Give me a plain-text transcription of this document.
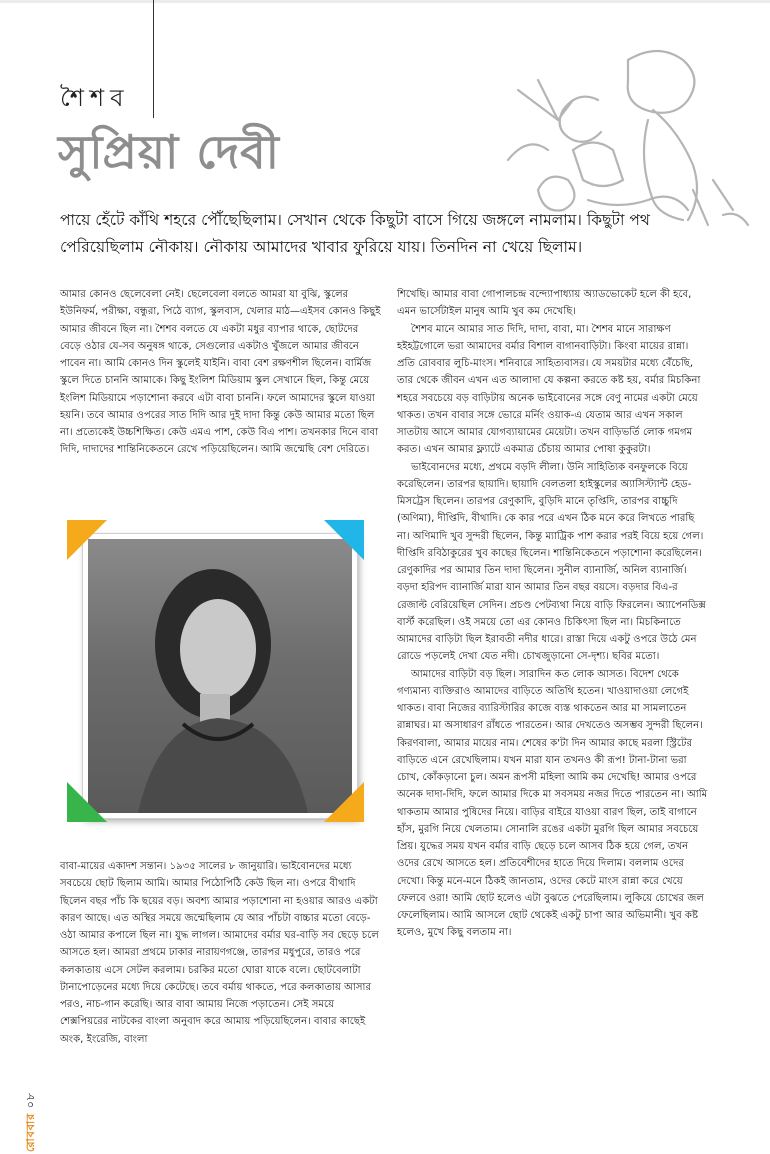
শৈশব
সুপ্রিয়া দেবী
পায়ে হেঁটে কাঁথি শহরে পৌঁছেছিলাম। সেখান থেকে কিছুটা বাসে গিয়ে জঙ্গলে নামলাম। কিছুটা পথ পেরিয়েছিলাম নৌকায়। নৌকায় আমাদের খাবার ফুরিয়ে যায়। তিনদিন না খেয়ে ছিলাম।

আমার কোনও ছেলেবেলা নেই। ছেলেবেলা বলতে আমরা যা বুঝি, স্কুলের ইউনিফর্ম, পরীক্ষা, বন্ধুরা, পিঠে ব্যাগ, স্কুলবাস, খেলার মাঠ—এইসব কোনও কিছুই আমার জীবনে ছিল না। শৈশব বলতে যে একটা মধুর ব্যাপার থাকে, ছোটদের বেড়ে ওঠার যে-সব অনুষঙ্গ থাকে, সেগুলোর একটাও খুঁজলে আমার জীবনে পাবেন না। আমি কোনও দিন স্কুলেই যাইনি। বাবা বেশ রক্ষণশীল ছিলেন। বার্মিজ স্কুলে দিতে চাননি আমাকে। কিছু ইংলিশ মিডিয়াম স্কুল সেখানে ছিল, কিন্তু মেয়ে ইংলিশ মিডিয়ামে পড়াশোনা করবে এটা বাবা চাননি। ফলে আমাদের স্কুলে যাওয়া হয়নি। তবে আমার ওপরের সাত দিদি আর দুই দাদা কিন্তু কেউ আমার মতো ছিল না। প্রত্যেকেই উচ্চশিক্ষিত। কেউ এমএ পাশ, কেউ বিএ পাশ। তখনকার দিনে বাবা দিদি, দাদাদের শান্তিনিকেতনে রেখে পড়িয়েছিলেন। আমি জন্মেছি বেশ দেরিতে।

বাবা-মায়ের একাদশ সন্তান। ১৯৩৫ সালের ৮ জানুয়ারি। ভাইবোনদের মধ্যে সবচেয়ে ছোট ছিলাম আমি। আমার পিঠোপিঠি কেউ ছিল না। ওপরে বীথাদি ছিলেন বছর পাঁচ কি ছয়ের বড়। অবশ্য আমার পড়াশোনা না হওয়ার আরও একটা কারণ আছে। এত অস্থির সময়ে জন্মেছিলাম যে আর পাঁচটা বাচ্চার মতো বেড়ে-ওঠা আমার কপালে ছিল না। যুদ্ধ লাগল। আমাদের বর্মার ঘর-বাড়ি সব ছেড়ে চলে আসতে হল। আমরা প্রথমে ঢাকার নারায়ণগঞ্জে, তারপর মধুপুরে, তারও পরে কলকাতায় এসে সেটল করলাম। চরকির মতো ঘোরা যাকে বলে। ছোটবেলাটা টানাপোড়েনের মধ্যে দিয়ে কেটেছে। তবে বর্মায় থাকতে, পরে কলকাতায় আসার পরও, নাচ-গান করেছি। আর বাবা আমায় নিজে পড়াতেন। সেই সময়ে শেক্সপিয়রের নাটকের বাংলা অনুবাদ করে আমায় পড়িয়েছিলেন। বাবার কাছেই অংক, ইংরেজি, বাংলা

শিখেছি। আমার বাবা গোপালচন্দ্র বন্দ্যোপাধ্যায় অ্যাডভোকেট হলে কী হবে, এমন ভার্সেটাইল মানুষ আমি খুব কম দেখেছি।

শৈশব মানে আমার সাত দিদি, দাদা, বাবা, মা। শৈশব মানে সারাক্ষণ হইহট্টগোলে ভরা আমাদের বর্মার বিশাল বাগানবাড়িটা। কিংবা মায়ের রান্না। প্রতি রোববার লুচি-মাংস। শনিবারে সাহিত্যবাসর। যে সময়টার মধ্যে বেঁচেছি, তার থেকে জীবন এখন এত আলাদা যে কল্পনা করতে কষ্ট হয়, বর্মার মিচকিনা শহরে সবচেয়ে বড় বাড়িটায় অনেক ভাইবোনের সঙ্গে বেণু নামের একটা মেয়ে থাকত। তখন বাবার সঙ্গে ভোরে মর্নিং ওয়াক-এ যেতাম আর এখন সকাল সাতটায় আসে আমার যোগব্যায়ামের মেয়েটা। তখন বাড়িভর্তি লোক গমগম করত। এখন আমার ফ্ল্যাটে একমাত্র চেঁচায় আমার পোষা কুকুরটা।

ভাইবোনদের মধ্যে, প্রথমে বড়দি লীলা। উনি সাহিত্যিক বনফুলকে বিয়ে করেছিলেন। তারপর ছায়াদি। ছায়াদি বেলতলা হাইস্কুলের অ্যাসিস্ট্যান্ট হেড-মিসট্রেস ছিলেন। তারপর রেণুকাদি, বুড়িদি মানে তৃপ্তিদি, তারপর বাচ্চুদি (অণিমা), দীপ্তিদি, বীথাদি। কে কার পরে এখন ঠিক মনে করে লিখতে পারছি না। অণিমাদি খুব সুন্দরী ছিলেন, কিন্তু ম্যাট্রিক পাশ করার পরই বিয়ে হয়ে গেল। দীপ্তিদি রবিঠাকুরের খুব কাছের ছিলেন। শান্তিনিকেতনে পড়াশোনা করেছিলেন। রেণুকাদির পর আমার তিন দাদা ছিলেন। সুনীল ব্যানার্জি, অনিল ব্যানার্জি। বড়দা হরিপদ ব্যানার্জি মারা যান আমার তিন বছর বয়সে। বড়দার বিএ-র রেজাল্ট বেরিয়েছিল সেদিন। প্রচণ্ড পেটব্যথা নিয়ে বাড়ি ফিরলেন। অ্যাপেনডিক্স বার্স্ট করেছিল। ওই সময়ে তো এর কোনও চিকিৎসা ছিল না। মিচকিনাতে আমাদের বাড়িটা ছিল ইরাবতী নদীর ধারে। রাস্তা দিয়ে একটু ওপরে উঠে মেন রোডে পড়লেই দেখা যেত নদী। চোখজুড়ানো সে-দৃশ্য। ছবির মতো।

আমাদের বাড়িটা বড় ছিল। সারাদিন কত লোক আসত। বিদেশ থেকে গণ্যমান্য ব্যক্তিরাও আমাদের বাড়িতে অতিথি হতেন। খাওয়াদাওয়া লেগেই থাকত। বাবা নিজের ব্যারিস্টারির কাজে ব্যস্ত থাকতেন আর মা সামলাতেন রান্নাঘর। মা অসাধারণ রাঁধতে পারতেন। আর দেখতেও অসম্ভব সুন্দরী ছিলেন। কিরণবালা, আমার মায়ের নাম। শেষের ক'টা দিন আমার কাছে মরলা স্ট্রিটের বাড়িতে এনে রেখেছিলাম। যখন মারা যান তখনও কী রূপ! টানা-টানা ভরা চোখ, কোঁকড়ানো চুল। অমন রূপসী মহিলা আমি কম দেখেছি! আমার ওপরে অনেক দাদা-দিদি, ফলে আমার দিকে মা সবসময় নজর দিতে পারতেন না। আমি থাকতাম আমার পুষিদের নিয়ে। বাড়ির বাইরে যাওয়া বারণ ছিল, তাই বাগানে হাঁস, মুরগি নিয়ে খেলতাম। সোনালি রঙের একটা মুরগি ছিল আমার সবচেয়ে প্রিয়। যুদ্ধের সময় যখন বর্মার বাড়ি ছেড়ে চলে আসব ঠিক হয়ে গেল, তখন ওদের রেখে আসতে হল। প্রতিবেশীদের হাতে দিয়ে দিলাম। বললাম ওদের দেখো। কিন্তু মনে-মনে ঠিকই জানতাম, ওদের কেটে মাংস রান্না করে খেয়ে ফেলবে ওরা! আমি ছোট হলেও এটা বুঝতে পেরেছিলাম। লুকিয়ে চোখের জল ফেলেছিলাম। আমি আসলে ছোট থেকেই একটু চাপা আর অভিমানী। খুব কষ্ট হলেও, মুখে কিছু বলতাম না।

রোববার ০৮
